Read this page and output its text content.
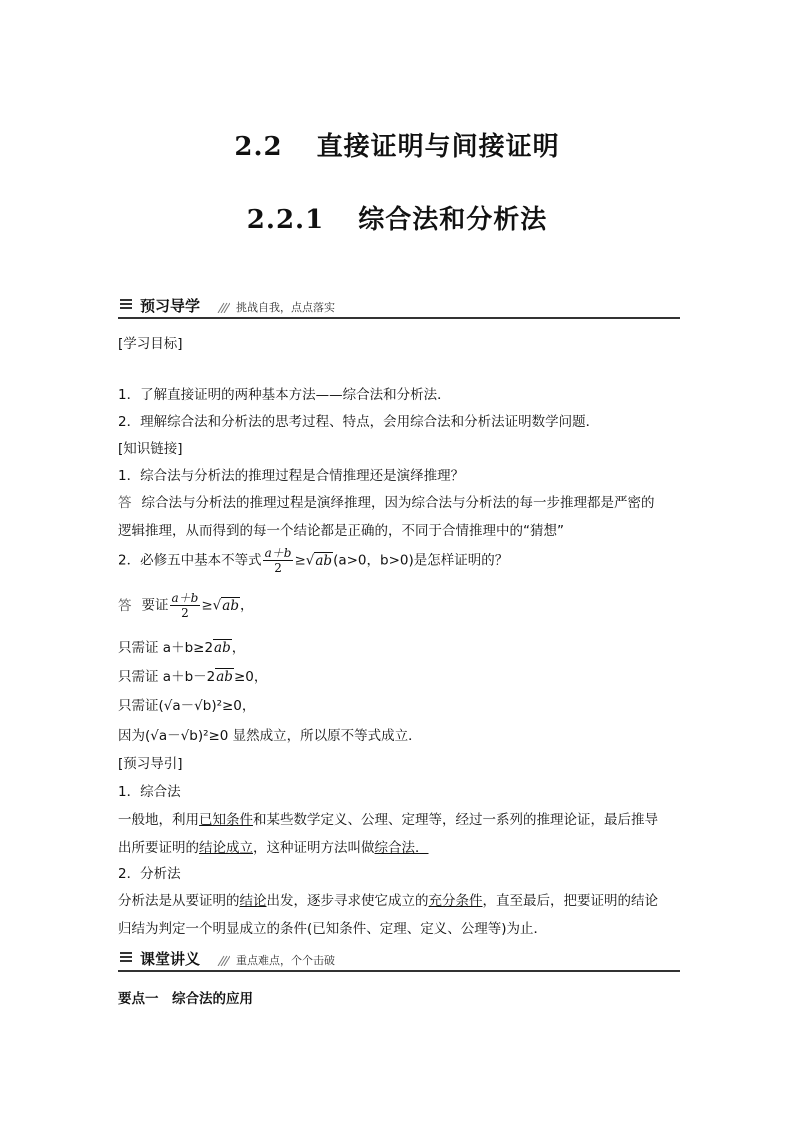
2.2 直接证明与间接证明
2.2.1 综合法和分析法
预习导学	挑战自我，点点落实
[学习目标]
1．了解直接证明的两种基本方法——综合法和分析法．
2．理解综合法和分析法的思考过程、特点，会用综合法和分析法证明数学问题．
[知识链接]
1．综合法与分析法的推理过程是合情推理还是演绎推理？
答 综合法与分析法的推理过程是演绎推理，因为综合法与分析法的每一步推理都是严密的
逻辑推理，从而得到的每一个结论都是正确的，不同于合情推理中的“猜想”
2．必修五中基本不等式 $\frac{a+b}{2} \ge√ab(a>0$，b>0)是怎样证明的？
答 要证 $\frac{a+b}{2} \ge√ab$，
只需证 a＋b≥2ab，
只需证 a＋b－2ab≥0，
只需证(√a－√b)²≥0，
因为(√a－√b)²≥0 显然成立，所以原不等式成立．
[预习导引]
1．综合法
一般地，利用已知条件和某些数学定义、公理、定理等，经过一系列的推理论证，最后推导
出所要证明的结论成立，这种证明方法叫做综合法．
2．分析法
分析法是从要证明的结论出发，逐步寻求使它成立的充分条件，直至最后，把要证明的结论
归结为判定一个明显成立的条件(已知条件、定理、定义、公理等)为止．
课堂讲义	重点难点，个个击破
要点一　综合法的应用
